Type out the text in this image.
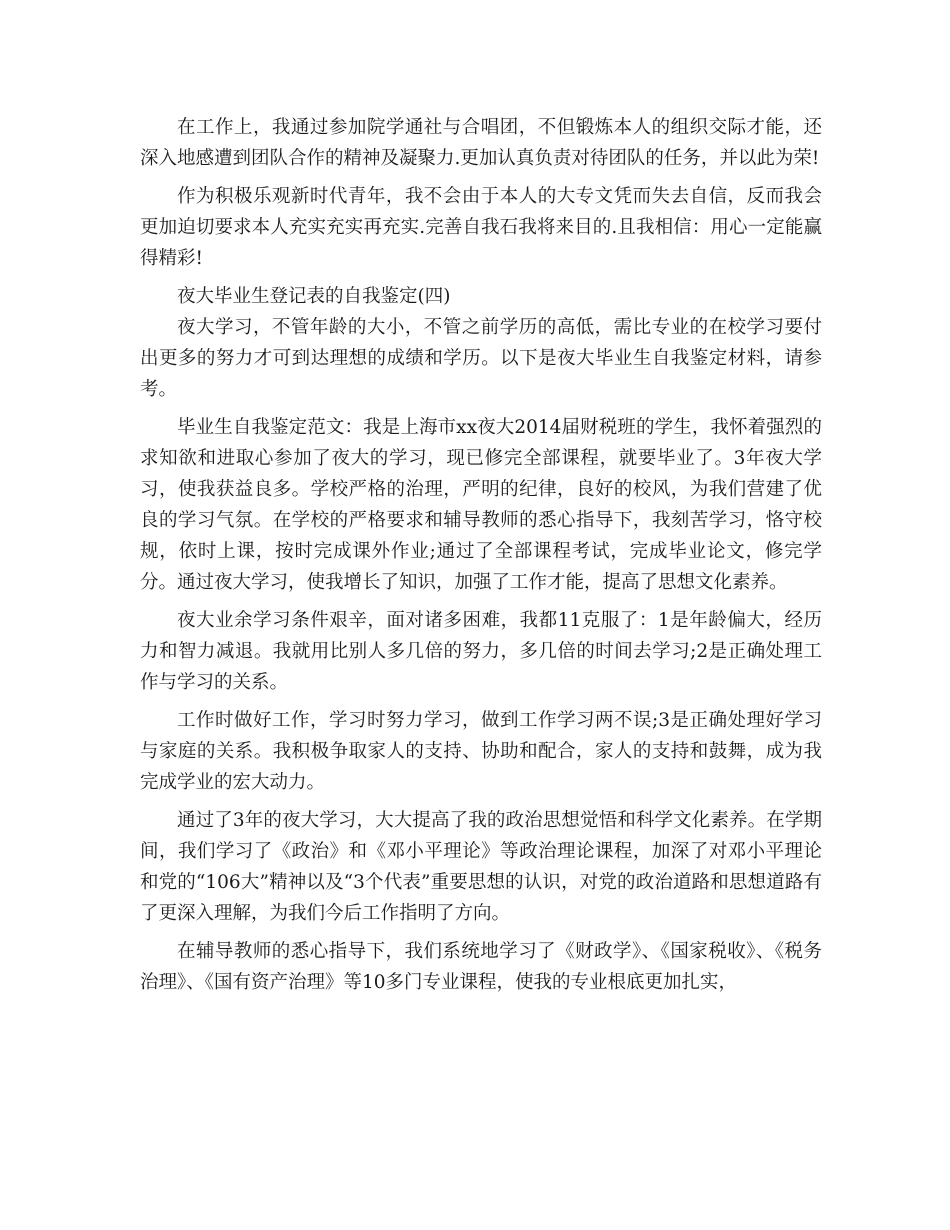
在工作上，我通过参加院学通社与合唱团，不但锻炼本人的组织交际才能，还深入地感遭到团队合作的精神及凝聚力.更加认真负责对待团队的任务，并以此为荣!

作为积极乐观新时代青年，我不会由于本人的大专文凭而失去自信，反而我会更加迫切要求本人充实充实再充实.完善自我石我将来目的.且我相信：用心一定能赢得精彩!

夜大毕业生登记表的自我鉴定(四)

夜大学习，不管年龄的大小，不管之前学历的高低，需比专业的在校学习要付出更多的努力才可到达理想的成绩和学历。以下是夜大毕业生自我鉴定材料，请参考。

毕业生自我鉴定范文：我是上海市xx夜大2014届财税班的学生，我怀着强烈的求知欲和进取心参加了夜大的学习，现已修完全部课程，就要毕业了。3年夜大学习，使我获益良多。学校严格的治理，严明的纪律，良好的校风，为我们营建了优良的学习气氛。在学校的严格要求和辅导教师的悉心指导下，我刻苦学习，恪守校规，依时上课，按时完成课外作业;通过了全部课程考试，完成毕业论文，修完学分。通过夜大学习，使我增长了知识，加强了工作才能，提高了思想文化素养。

夜大业余学习条件艰辛，面对诸多困难，我都11克服了：1是年龄偏大，经历力和智力减退。我就用比别人多几倍的努力，多几倍的时间去学习;2是正确处理工作与学习的关系。

工作时做好工作，学习时努力学习，做到工作学习两不误;3是正确处理好学习与家庭的关系。我积极争取家人的支持、协助和配合，家人的支持和鼓舞，成为我完成学业的宏大动力。

通过了3年的夜大学习，大大提高了我的政治思想觉悟和科学文化素养。在学期间，我们学习了《政治》和《邓小平理论》等政治理论课程，加深了对邓小平理论和党的“106大”精神以及“3个代表”重要思想的认识，对党的政治道路和思想道路有了更深入理解，为我们今后工作指明了方向。

在辅导教师的悉心指导下，我们系统地学习了《财政学》、《国家税收》、《税务治理》、《国有资产治理》等10多门专业课程，使我的专业根底更加扎实，
